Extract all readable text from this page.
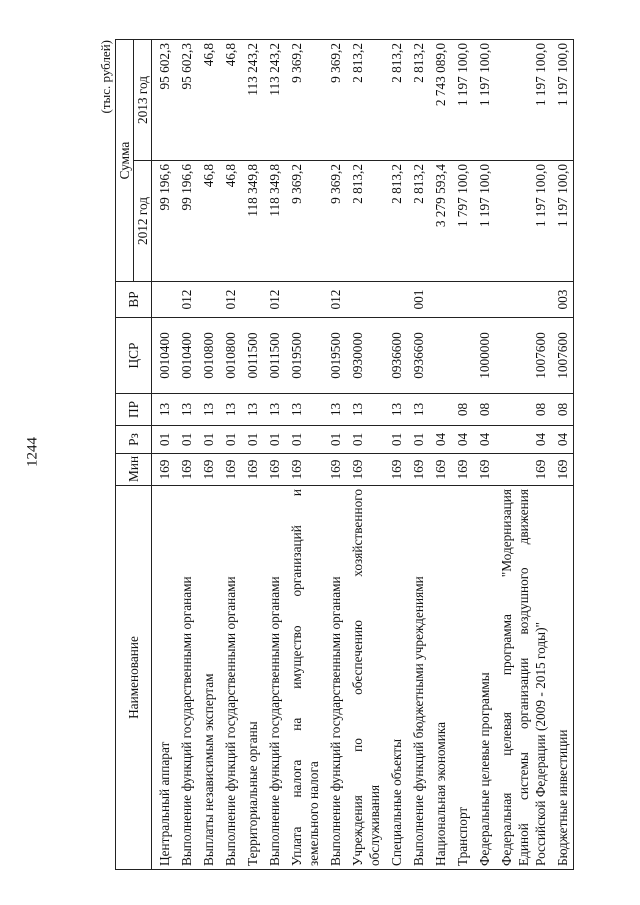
1244
(тыс. рублей)
Наименование	Мин	Рз	ПР	ЦСР	ВР	Сумма	
						2012 год	2013 год
Центральный аппарат	169	01	13	0010400		99 196,6	95 602,3
Выполнение функций государственными органами	169	01	13	0010400	012	99 196,6	95 602,3
Выплаты независимым экспертам	169	01	13	0010800		46,8	46,8
Выполнение функций государственными органами	169	01	13	0010800	012	46,8	46,8
Территориальные органы	169	01	13	0011500		118 349,8	113 243,2
Выполнение функций государственными органами	169	01	13	0011500	012	118 349,8	113 243,2

Уплата налога на имущество организаций и земельного налога	169	01	13	0019500		9 369,2	9 369,2
Выполнение функций государственными органами	169	01	13	0019500	012	9 369,2	9 369,2

Учреждения по обеспечению хозяйственного обслуживания	169	01	13	0930000		2 813,2	2 813,2
Специальные объекты	169	01	13	0936600		2 813,2	2 813,2
Выполнение функций бюджетными учреждениями	169	01	13	0936600	001	2 813,2	2 813,2
Национальная экономика	169	04				3 279 593,4	2 743 089,0
Транспорт	169	04	08			1 797 100,0	1 197 100,0
Федеральные целевые программы	169	04	08	1000000		1 197 100,0	1 197 100,0

Федеральная целевая программа "Модернизация Единой системы организации воздушного движения Российской Федерации (2009 - 2015 годы)"	169	04	08	1007600		1 197 100,0	1 197 100,0
Бюджетные инвестиции	169	04	08	1007600	003	1 197 100,0	1 197 100,0
